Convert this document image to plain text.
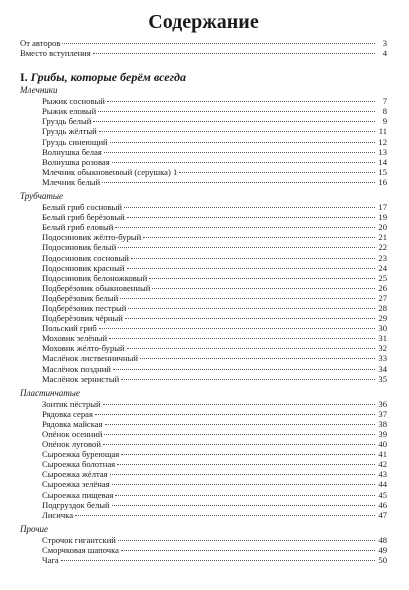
Содержание
От авторов	3
Вместо вступления	4
I. Грибы, которые берём всегда
Млечники
Рыжик сосновый	7
Рыжик еловый	8
Груздь белый	9
Груздь жёлтый	11
Груздь синеющий	12
Волнушка белая	13
Волнушка розовая	14
Млечник обыкновенный (серушка) 1	15
Млечник белый	16
Трубчатые
Белый гриб сосновый	17
Белый гриб берёзовый	19
Белый гриб еловый	20
Подосиновик жёлто-бурый	21
Подосиновик белый	22
Подосиновик сосновый	23
Подосиновик красный	24
Подосиновик белоножковый	25
Подберёзовик обыкновенный	26
Подберёзовик белый	27
Подберёзовик пестрый	28
Подберёзовик чёрный	29
Польский гриб	30
Моховик зелёный	31
Моховик жёлто-бурый	32
Маслёнок лиственничный	33
Маслёнок поздний	34
Маслёнок зернистый	35
Пластинчатые
Зонтик пёстрый	36
Рядовка серая	37
Рядовка майская	38
Опёнок осенний	39
Опёнок луговой	40
Сыроежка буреющая	41
Сыроежка болотная	42
Сыроежка жёлтая	43
Сыроежка зелёная	44
Сыроежка пищевая	45
Подгруздок белый	46
Лисичка	47
Прочие
Строчок гигантский	48
Сморчковая шапочка	49
Чага	50
